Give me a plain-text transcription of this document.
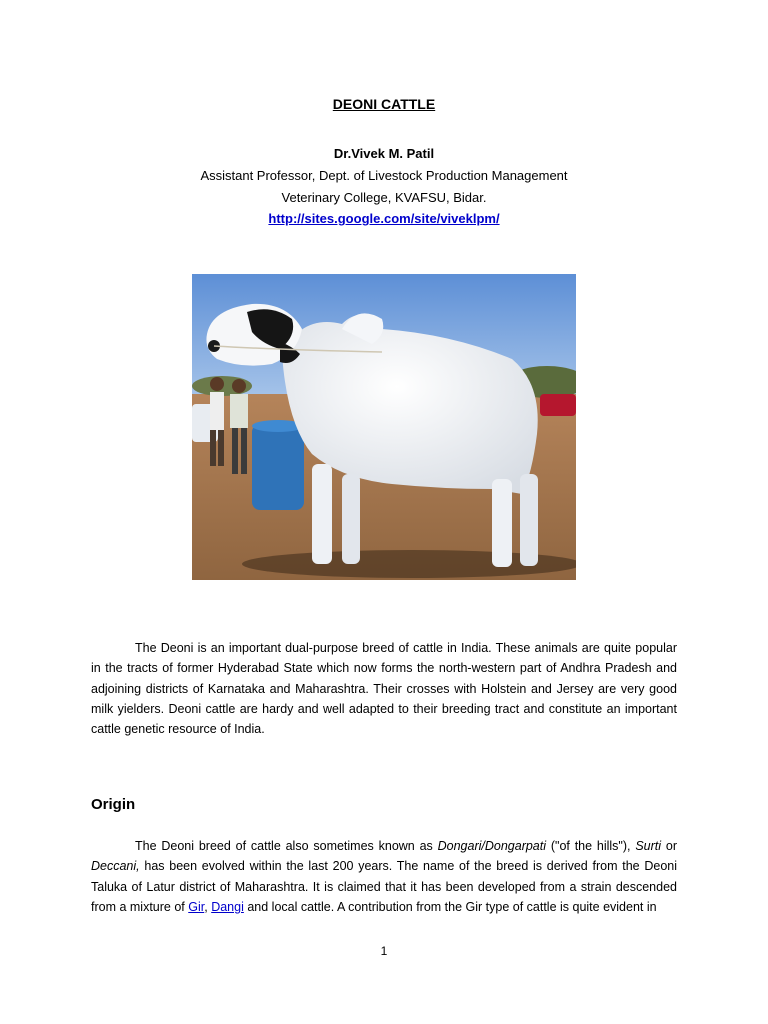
DEONI CATTLE
Dr.Vivek M. Patil
Assistant Professor, Dept. of Livestock Production Management
Veterinary College, KVAFSU, Bidar.
http://sites.google.com/site/viveklpm/

The Deoni is an important dual-purpose breed of cattle in India. These animals are quite popular in the tracts of former Hyderabad State which now forms the north-western part of Andhra Pradesh and adjoining districts of Karnataka and Maharashtra. Their crosses with Holstein and Jersey are very good milk yielders. Deoni cattle are hardy and well adapted to their breeding tract and constitute an important cattle genetic resource of India.

Origin

The Deoni breed of cattle also sometimes known as Dongari/Dongarpati ("of the hills"), Surti or Deccani, has been evolved within the last 200 years. The name of the breed is derived from the Deoni Taluka of Latur district of Maharashtra. It is claimed that it has been developed from a strain descended from a mixture of Gir, Dangi and local cattle. A contribution from the Gir type of cattle is quite evident in

1
